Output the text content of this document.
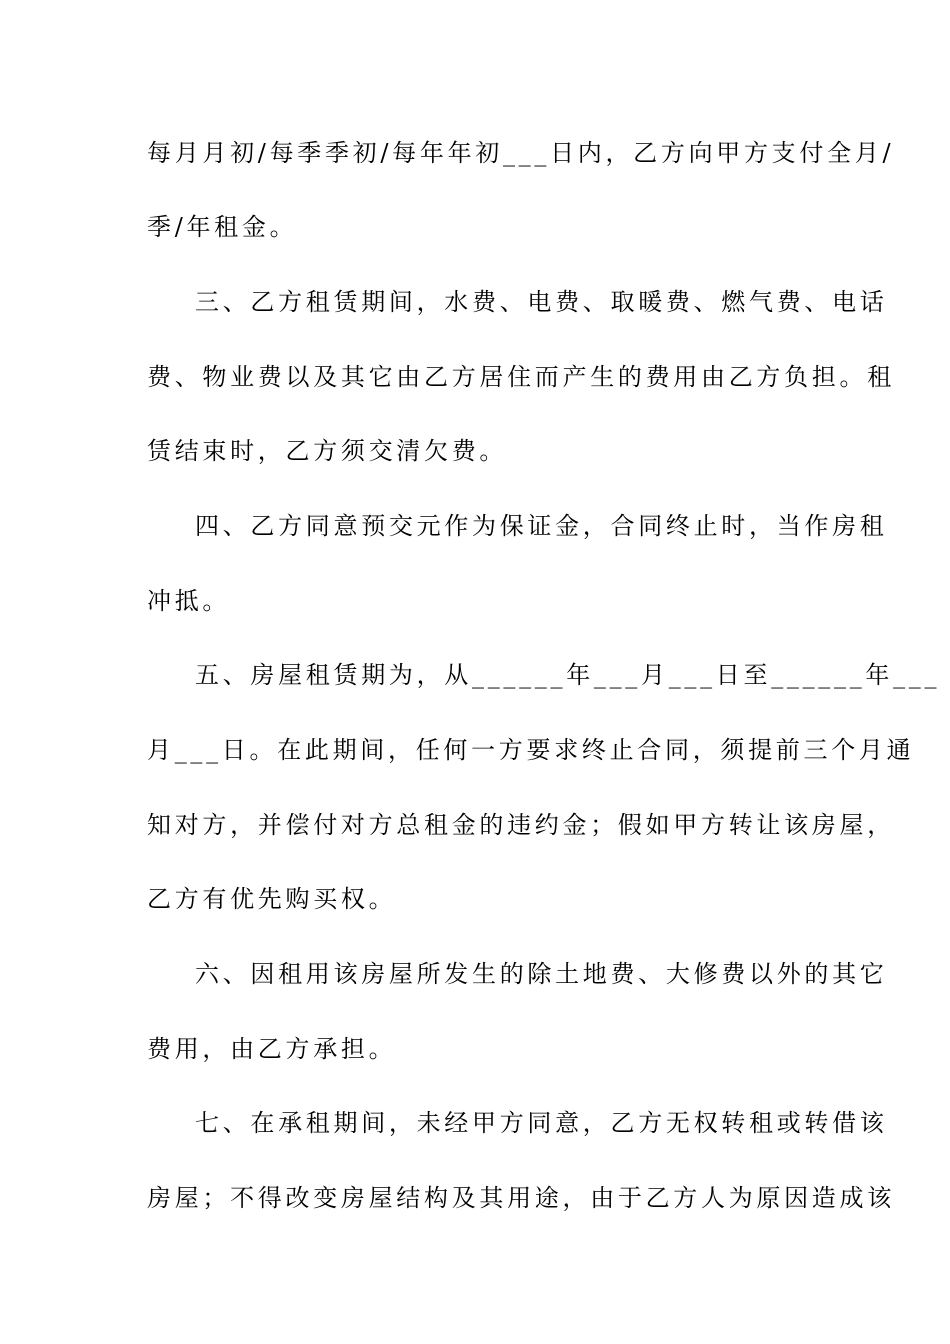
每月月初/每季季初/每年年初___日内，乙方向甲方支付全月/
季/年租金。
三、乙方租赁期间，水费、电费、取暖费、燃气费、电话
费、物业费以及其它由乙方居住而产生的费用由乙方负担。租
赁结束时，乙方须交清欠费。
四、乙方同意预交元作为保证金，合同终止时，当作房租
冲抵。
五、房屋租赁期为，从______年___月___日至______年___
月___日。在此期间，任何一方要求终止合同，须提前三个月通
知对方，并偿付对方总租金的违约金；假如甲方转让该房屋，
乙方有优先购买权。
六、因租用该房屋所发生的除土地费、大修费以外的其它
费用，由乙方承担。
七、在承租期间，未经甲方同意，乙方无权转租或转借该
房屋；不得改变房屋结构及其用途，由于乙方人为原因造成该
